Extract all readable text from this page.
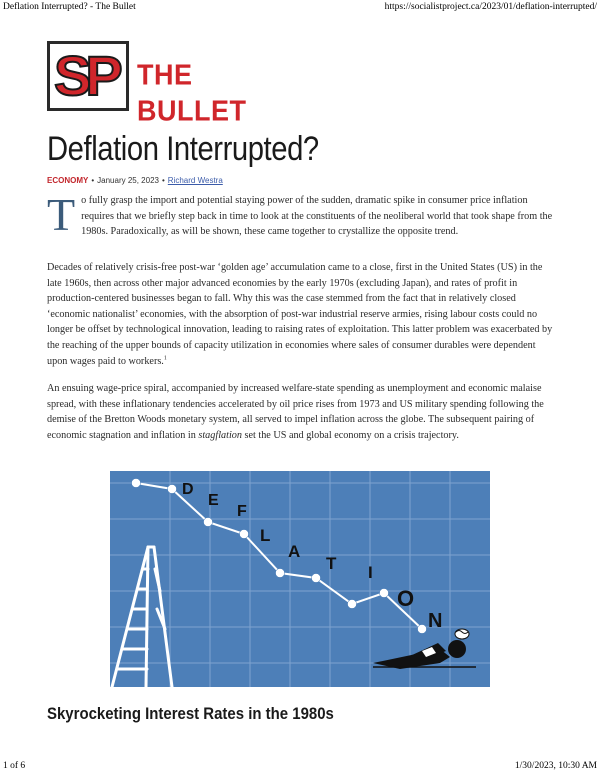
Deflation Interrupted? - The Bullet	https://socialistproject.ca/2023/01/deflation-interrupted/
SP THE BULLET
Deflation Interrupted?
ECONOMY • January 25, 2023 • Richard Westra

To fully grasp the import and potential staying power of the sudden, dramatic spike in consumer price inflation requires that we briefly step back in time to look at the constituents of the neoliberal world that took shape from the 1980s. Paradoxically, as will be shown, these came together to crystallize the opposite trend.

Decades of relatively crisis-free post-war ‘golden age’ accumulation came to a close, first in the United States (US) in the late 1960s, then across other major advanced economies by the early 1970s (excluding Japan), and rates of profit in production-centered businesses began to fall. Why this was the case stemmed from the fact that in relatively closed ‘economic nationalist’ economies, with the absorption of post-war industrial reserve armies, rising labour costs could no longer be offset by technological innovation, leading to raising rates of exploitation. This latter problem was exacerbated by the reaching of the upper bounds of capacity utilization in economies where sales of consumer durables were dependent upon wages paid to workers.$^1$

An ensuing wage-price spiral, accompanied by increased welfare-state spending as unemployment and economic malaise spread, with these inflationary tendencies accelerated by oil price rises from 1973 and US military spending following the demise of the Bretton Woods monetary system, all served to impel inflation across the globe. The subsequent pairing of economic stagnation and inflation in stagflation set the US and global economy on a crisis trajectory.

D
E
F
L
A
T I
O
N
Skyrocketing Interest Rates in the 1980s
1 of 6	1/30/2023, 10:30 AM
